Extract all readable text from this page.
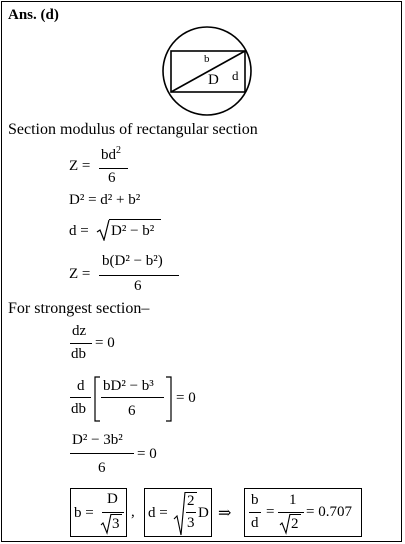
Ans. (d)
b
D d
Section modulus of rectangular section
Z =
$bd^2$
6
D² = d² + b²
d = D² − b²
Z =
b(D² − b²)
6
For strongest section–
dz
db
= 0
d
db
bD² − b³
6
= 0
D² − 3b²
6
= 0
b =
D
3
, d =
2
3
D ⇒
b
d
=
1
2
= 0.707
